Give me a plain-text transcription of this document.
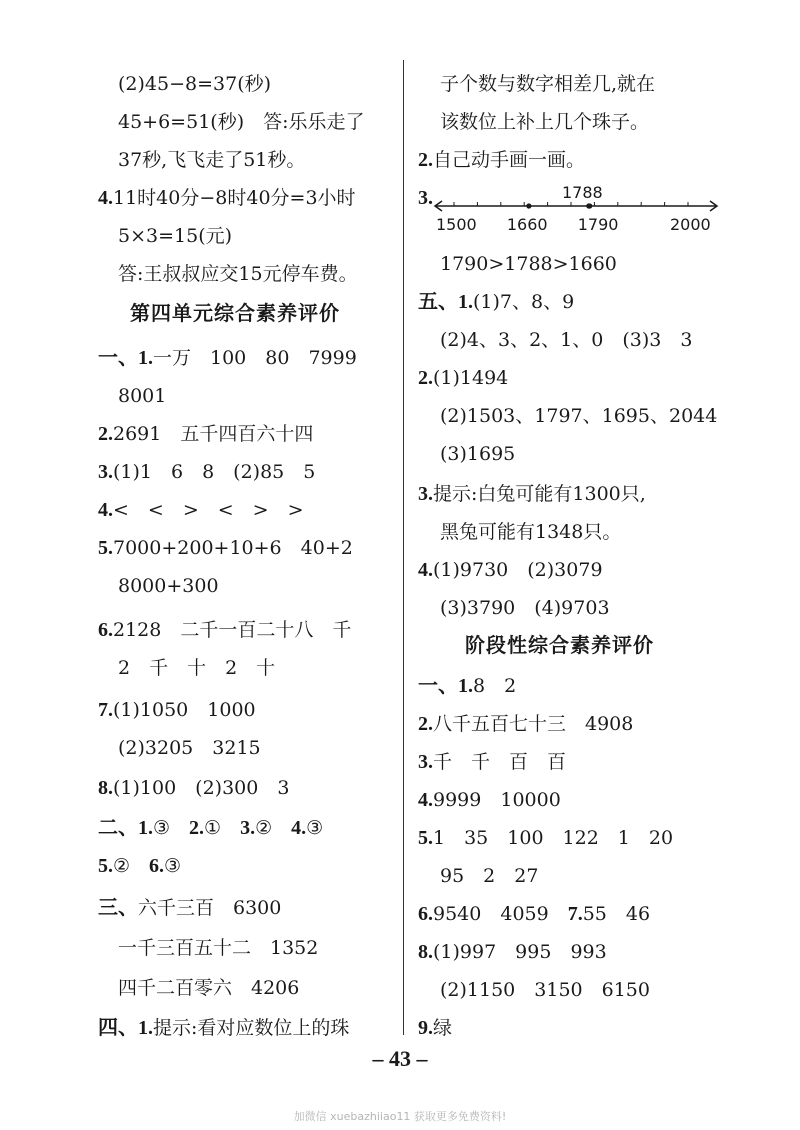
(2)45−8=37(秒)
45+6=51(秒)　答:乐乐走了
37秒,飞飞走了51秒。
4.11时40分−8时40分=3小时
5×3=15(元)
答:王叔叔应交15元停车费。
第四单元综合素养评价
一、1.一万　100　80　7999
8001
2.2691　五千四百六十四
3.(1)1　6　8　(2)85　5
4.<　<　>　<　>　>
5.7000+200+10+6　40+2
8000+300
6.2128　二千一百二十八　千
2　千　十　2　十
7.(1)1050　1000
(2)3205　3215
8.(1)100　(2)300　3
二、1.③　2.①　3.②　4.③
5.②　6.③
三、六千三百　6300
一千三百五十二　1352
四千二百零六　4206
四、1.提示:看对应数位上的珠
子个数与数字相差几,就在
该数位上补上几个珠子。
2.自己动手画一画。
3.	1788
1500 1660 1790	2000
1790>1788>1660
五、1.(1)7、8、9
(2)4、3、2、1、0　(3)3　3
2.(1)1494
(2)1503、1797、1695、2044
(3)1695
3.提示:白兔可能有1300只,
黑兔可能有1348只。
4.(1)9730　(2)3079
(3)3790　(4)9703
阶段性综合素养评价
一、1.8　2
2.八千五百七十三　4908
3.千　千　百　百
4.9999　10000
5.1　35　100　122　1　20
95　2　27
6.9540　4059　7.55　46
8.(1)997　995　993
(2)1150　3150　6150
9.绿
– 43 –
加微信 xuebazhiiao11 获取更多免费资料!
